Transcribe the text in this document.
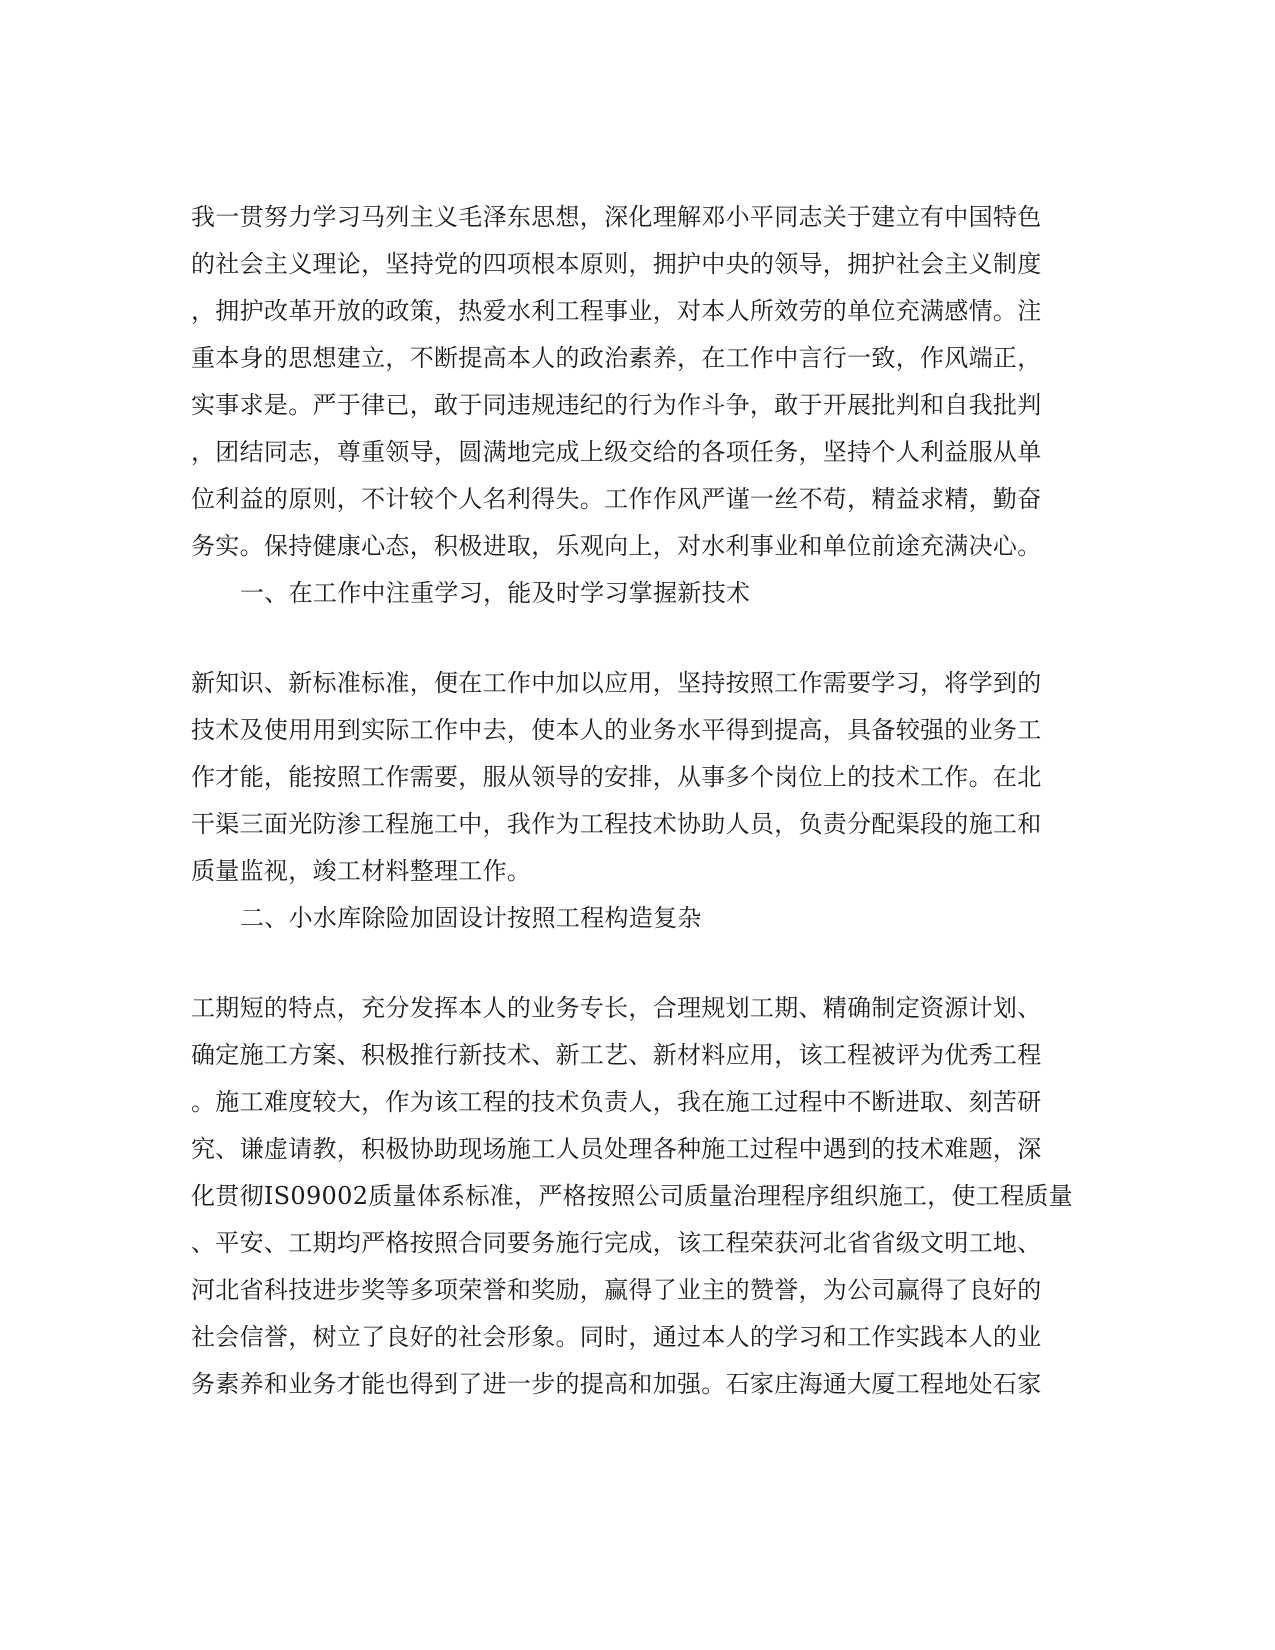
我一贯努力学习马列主义毛泽东思想，深化理解邓小平同志关于建立有中国特色
的社会主义理论，坚持党的四项根本原则，拥护中央的领导，拥护社会主义制度
，拥护改革开放的政策，热爱水利工程事业，对本人所效劳的单位充满感情。注
重本身的思想建立，不断提高本人的政治素养，在工作中言行一致，作风端正，
实事求是。严于律已，敢于同违规违纪的行为作斗争，敢于开展批判和自我批判
，团结同志，尊重领导，圆满地完成上级交给的各项任务，坚持个人利益服从单
位利益的原则，不计较个人名利得失。工作作风严谨一丝不苟，精益求精，勤奋
务实。保持健康心态，积极进取，乐观向上，对水利事业和单位前途充满决心。
一、在工作中注重学习，能及时学习掌握新技术
新知识、新标准标准，便在工作中加以应用，坚持按照工作需要学习，将学到的
技术及使用用到实际工作中去，使本人的业务水平得到提高，具备较强的业务工
作才能，能按照工作需要，服从领导的安排，从事多个岗位上的技术工作。在北
干渠三面光防渗工程施工中，我作为工程技术协助人员，负责分配渠段的施工和
质量监视，竣工材料整理工作。
二、小水库除险加固设计按照工程构造复杂
工期短的特点，充分发挥本人的业务专长，合理规划工期、精确制定资源计划、
确定施工方案、积极推行新技术、新工艺、新材料应用，该工程被评为优秀工程
。施工难度较大，作为该工程的技术负责人，我在施工过程中不断进取、刻苦研
究、谦虚请教，积极协助现场施工人员处理各种施工过程中遇到的技术难题，深
化贯彻IS09002质量体系标准，严格按照公司质量治理程序组织施工，使工程质量
、平安、工期均严格按照合同要务施行完成，该工程荣获河北省省级文明工地、
河北省科技进步奖等多项荣誉和奖励，赢得了业主的赞誉，为公司赢得了良好的
社会信誉，树立了良好的社会形象。同时，通过本人的学习和工作实践本人的业
务素养和业务才能也得到了进一步的提高和加强。石家庄海通大厦工程地处石家
